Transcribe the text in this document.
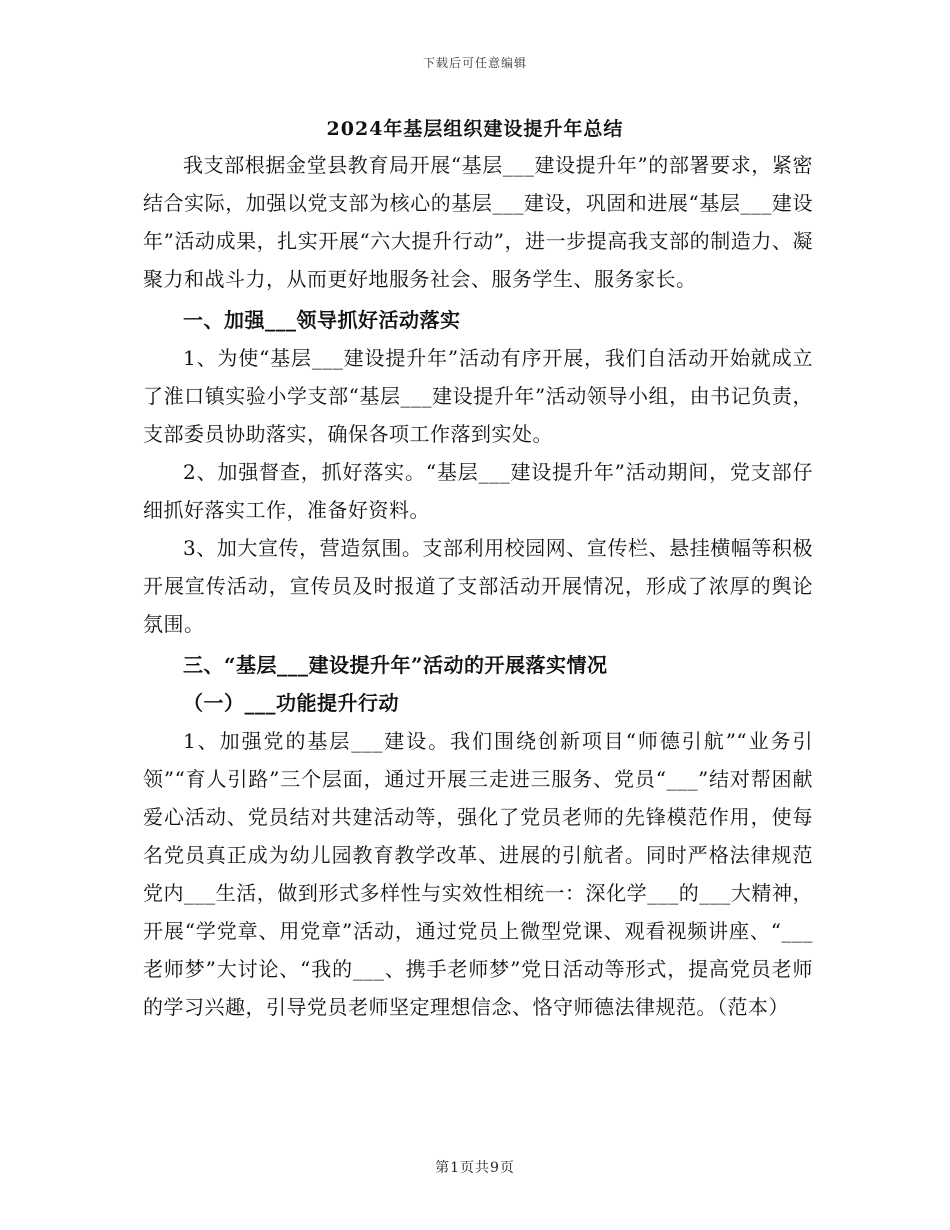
下载后可任意编辑
2024年基层组织建设提升年总结

我支部根据金堂县教育局开展“基层___建设提升年”的部署要求，紧密结合实际，加强以党支部为核心的基层___建设，巩固和进展“基层___建设年”活动成果，扎实开展“六大提升行动”，进一步提高我支部的制造力、凝聚力和战斗力，从而更好地服务社会、服务学生、服务家长。

一、加强___领导抓好活动落实

1、为使“基层___建设提升年”活动有序开展，我们自活动开始就成立了淮口镇实验小学支部“基层___建设提升年”活动领导小组，由书记负责，支部委员协助落实，确保各项工作落到实处。

2、加强督查，抓好落实。“基层___建设提升年”活动期间，党支部仔细抓好落实工作，准备好资料。

3、加大宣传，营造氛围。支部利用校园网、宣传栏、悬挂横幅等积极开展宣传活动，宣传员及时报道了支部活动开展情况，形成了浓厚的舆论氛围。

三、“基层___建设提升年”活动的开展落实情况

（一）___功能提升行动

1、加强党的基层___建设。我们围绕创新项目“师德引航”“业务引领”“育人引路”三个层面，通过开展三走进三服务、党员“___”结对帮困献爱心活动、党员结对共建活动等，强化了党员老师的先锋模范作用，使每名党员真正成为幼儿园教育教学改革、进展的引航者。同时严格法律规范党内___生活，做到形式多样性与实效性相统一：深化学___的___大精神，开展“学党章、用党章”活动，通过党员上微型党课、观看视频讲座、“___老师梦”大讨论、“我的___、携手老师梦”党日活动等形式，提高党员老师的学习兴趣，引导党员老师坚定理想信念、恪守师德法律规范。（范本）

第1页共9页
